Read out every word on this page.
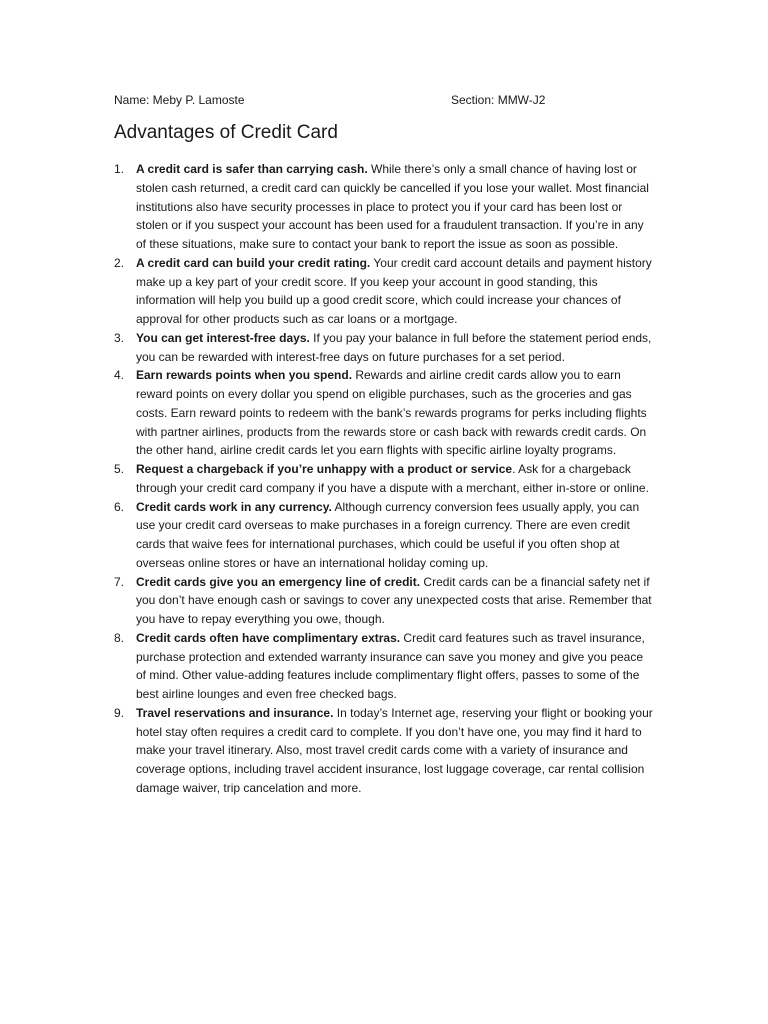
Name: Meby P. Lamoste	Section: MMW-J2
Advantages of Credit Card
1. A credit card is safer than carrying cash. While there’s only a small chance of having lost or stolen cash returned, a credit card can quickly be cancelled if you lose your wallet. Most financial institutions also have security processes in place to protect you if your card has been lost or stolen or if you suspect your account has been used for a fraudulent transaction. If you’re in any of these situations, make sure to contact your bank to report the issue as soon as possible.
2. A credit card can build your credit rating. Your credit card account details and payment history make up a key part of your credit score. If you keep your account in good standing, this information will help you build up a good credit score, which could increase your chances of approval for other products such as car loans or a mortgage.
3. You can get interest-free days. If you pay your balance in full before the statement period ends, you can be rewarded with interest-free days on future purchases for a set period.
4. Earn rewards points when you spend. Rewards and airline credit cards allow you to earn reward points on every dollar you spend on eligible purchases, such as the groceries and gas costs. Earn reward points to redeem with the bank’s rewards programs for perks including flights with partner airlines, products from the rewards store or cash back with rewards credit cards. On the other hand, airline credit cards let you earn flights with specific airline loyalty programs.
5. Request a chargeback if you’re unhappy with a product or service. Ask for a chargeback through your credit card company if you have a dispute with a merchant, either in-store or online.
6. Credit cards work in any currency. Although currency conversion fees usually apply, you can use your credit card overseas to make purchases in a foreign currency. There are even credit cards that waive fees for international purchases, which could be useful if you often shop at overseas online stores or have an international holiday coming up.
7. Credit cards give you an emergency line of credit. Credit cards can be a financial safety net if you don’t have enough cash or savings to cover any unexpected costs that arise. Remember that you have to repay everything you owe, though.
8. Credit cards often have complimentary extras. Credit card features such as travel insurance, purchase protection and extended warranty insurance can save you money and give you peace of mind. Other value-adding features include complimentary flight offers, passes to some of the best airline lounges and even free checked bags.
9. Travel reservations and insurance. In today’s Internet age, reserving your flight or booking your hotel stay often requires a credit card to complete. If you don’t have one, you may find it hard to make your travel itinerary. Also, most travel credit cards come with a variety of insurance and coverage options, including travel accident insurance, lost luggage coverage, car rental collision damage waiver, trip cancelation and more.
